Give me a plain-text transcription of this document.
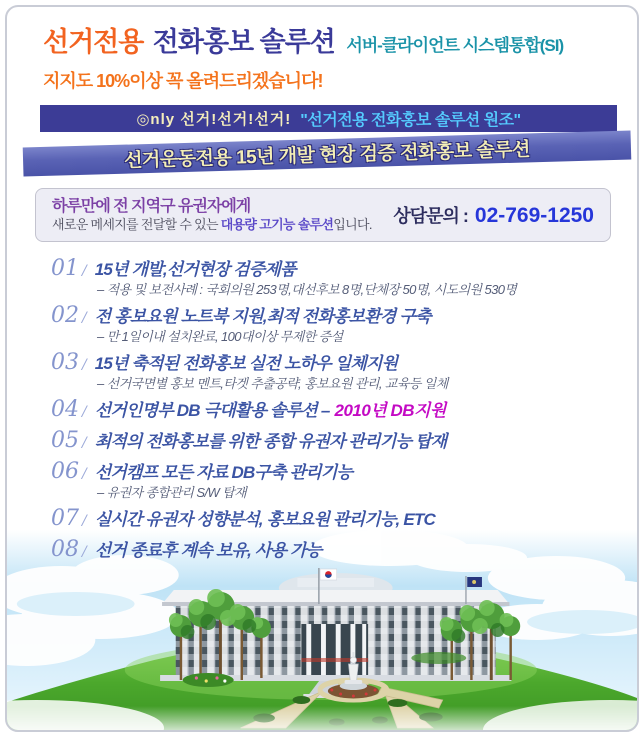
선거전용 전화홍보 솔루션 서버-클라이언트 시스템통합(SI)
지지도 10%이상 꼭 올려드리겠습니다!
◎nly 선거!선거!선거! "선거전용 전화홍보 솔루션 원조"
선거운동전용 15년 개발 현장 검증 전화홍보 솔루션
하루만에 전 지역구 유권자에게
새로운 메세지를 전달할 수 있는 대용량 고기능 솔루션입니다.	상담문의 : 02-769-1250
01 / 15년 개발,선거현장 검증제품
– 적용 및 보전사례 : 국회의원 253명,대선후보 8명,단체장 50명, 시도의원 530명
02 / 전 홍보요원 노트북 지원,최적 전화홍보환경 구축
– 만 1일이내 설치완료, 100대이상 무제한 증설
03 / 15년 축적된 전화홍보 실전 노하우 일체지원
– 선거국면별 홍보 멘트,타겟 추출공략, 홍보요원 관리, 교육등 일체
04 / 선거인명부 DB 극대활용 솔루션 – 2010년 DB지원
05 / 최적의 전화홍보를 위한 종합 유권자 관리기능 탑재
06 / 선거캠프 모든 자료 DB구축 관리기능
– 유권자 종합관리 S/W 탑재
07 / 실시간 유권자 성향분석, 홍보요원 관리기능, ETC
08 / 선거 종료후 계속 보유, 사용 가능
